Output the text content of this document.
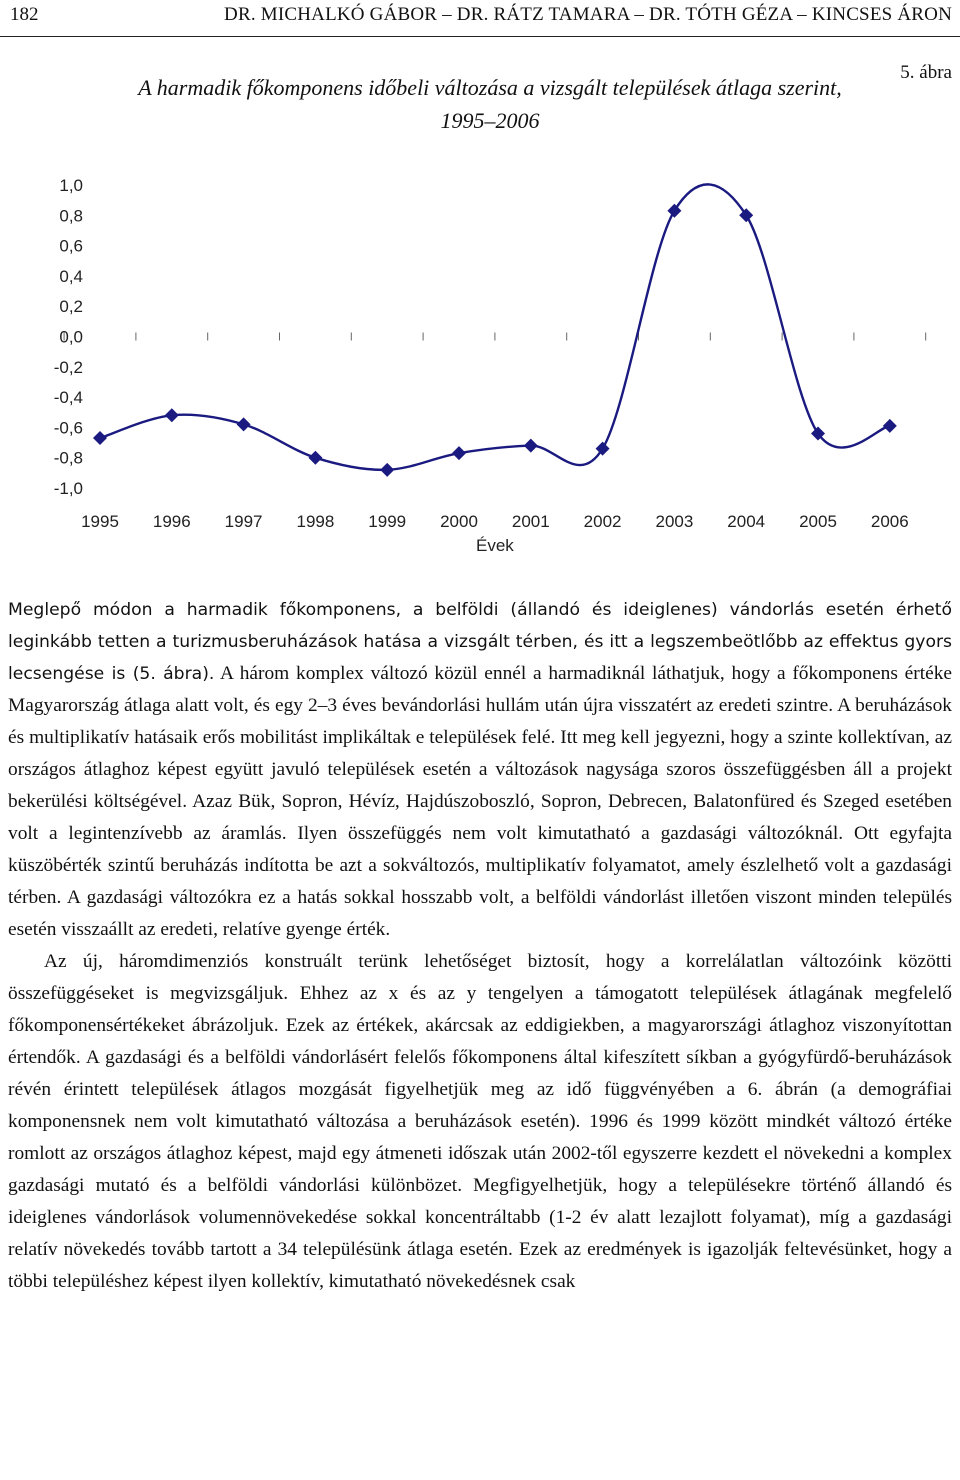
182	DR. MICHALKÓ GÁBOR – DR. RÁTZ TAMARA – DR. TÓTH GÉZA – KINCSES ÁRON
5. ábra
A harmadik főkomponens időbeli változása a vizsgált települések átlaga szerint,
1995–2006
1,0
0,8
0,6
0,4
0,2
0,0
-0,2
-0,4
-0,6
-0,8
-1,0
1995 1996 1997 1998 1999 2000 2001 2002 2003 2004 2005 2006
Évek

Meglepő módon a harmadik főkomponens, a belföldi (állandó és ideiglenes) vándorlás esetén érhető leginkább tetten a turizmusberuházások hatása a vizsgált térben, és itt a legszembeötlőbb az effektus gyors lecsengése is (5. ábra). A három komplex változó közül ennél a harmadiknál láthatjuk, hogy a főkomponens értéke Magyarország átlaga alatt volt, és egy 2–3 éves bevándorlási hullám után újra visszatért az eredeti szintre. A beruházások és multiplikatív hatásaik erős mobilitást implikáltak e települések felé. Itt meg kell jegyezni, hogy a szinte kollektívan, az országos átlaghoz képest együtt javuló települések esetén a változások nagysága szoros összefüggésben áll a projekt bekerülési költségével. Azaz Bük, Sopron, Hévíz, Hajdúszoboszló, Sopron, Debrecen, Balatonfüred és Szeged esetében volt a legintenzívebb az áramlás. Ilyen összefüggés nem volt kimutatható a gazdasági változóknál. Ott egyfajta küszöbérték szintű beruházás indította be azt a sokváltozós, multiplikatív folyamatot, amely észlelhető volt a gazdasági térben. A gazdasági változókra ez a hatás sokkal hosszabb volt, a belföldi vándorlást illetően viszont minden település esetén visszaállt az eredeti, relatíve gyenge érték.

Az új, háromdimenziós konstruált terünk lehetőséget biztosít, hogy a korrelálatlan változóink közötti összefüggéseket is megvizsgáljuk. Ehhez az x és az y tengelyen a támogatott települések átlagának megfelelő főkomponensértékeket ábrázoljuk. Ezek az értékek, akárcsak az eddigiekben, a magyarországi átlaghoz viszonyítottan értendők. A gazdasági és a belföldi vándorlásért felelős főkomponens által kifeszített síkban a gyógyfürdő-beruházások révén érintett települések átlagos mozgását figyelhetjük meg az idő függvényében a 6. ábrán (a demográfiai komponensnek nem volt kimutatható változása a beruházások esetén). 1996 és 1999 között mindkét változó értéke romlott az országos átlaghoz képest, majd egy átmeneti időszak után 2002-től egyszerre kezdett el növekedni a komplex gazdasági mutató és a belföldi vándorlási különbözet. Megfigyelhetjük, hogy a településekre történő állandó és ideiglenes vándorlások volumennövekedése sokkal koncentráltabb (1-2 év alatt lezajlott folyamat), míg a gazdasági relatív növekedés tovább tartott a 34 településünk átlaga esetén. Ezek az eredmények is igazolják feltevésünket, hogy a többi településhez képest ilyen kollektív, kimutatható növekedésnek csak
